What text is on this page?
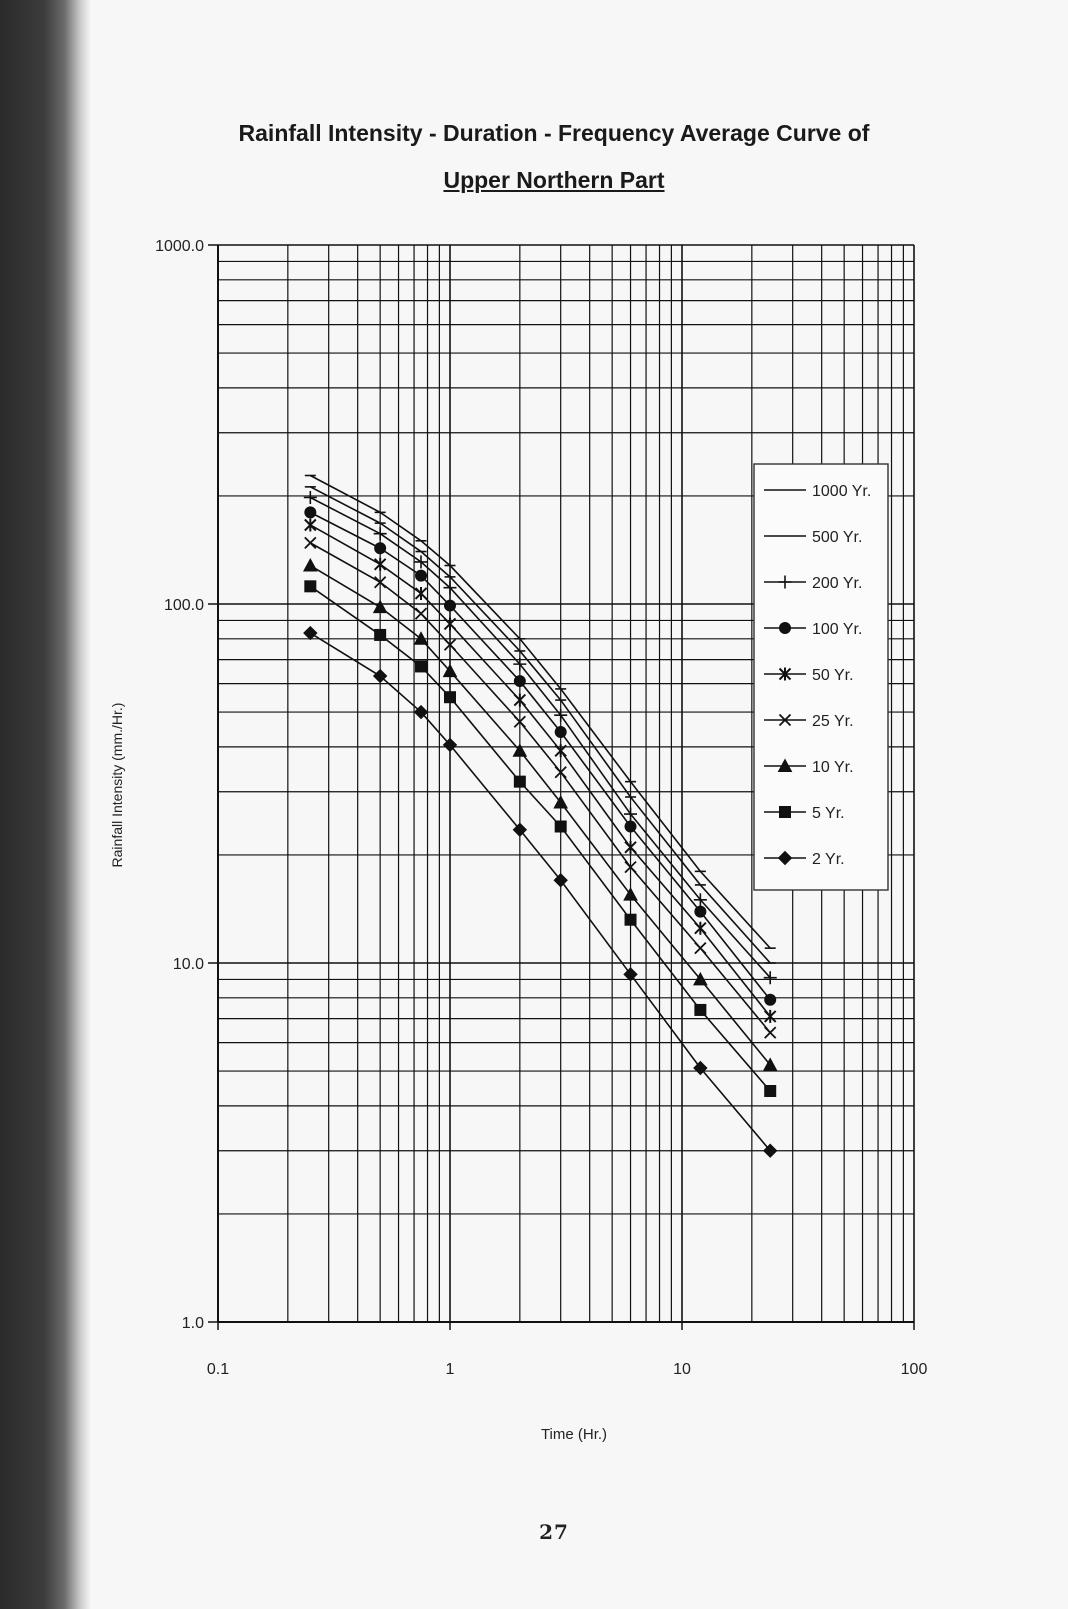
Rainfall Intensity - Duration - Frequency Average Curve of
Upper Northern Part
1.0
10.0
100.0
1000.0
0.1	1	10	100
Time (Hr.)
Rainfall Intensity (mm./Hr.)
1000 Yr.
500 Yr.
200 Yr.
100 Yr.
50 Yr.
25 Yr.
10 Yr.
5 Yr.
2 Yr.
27
